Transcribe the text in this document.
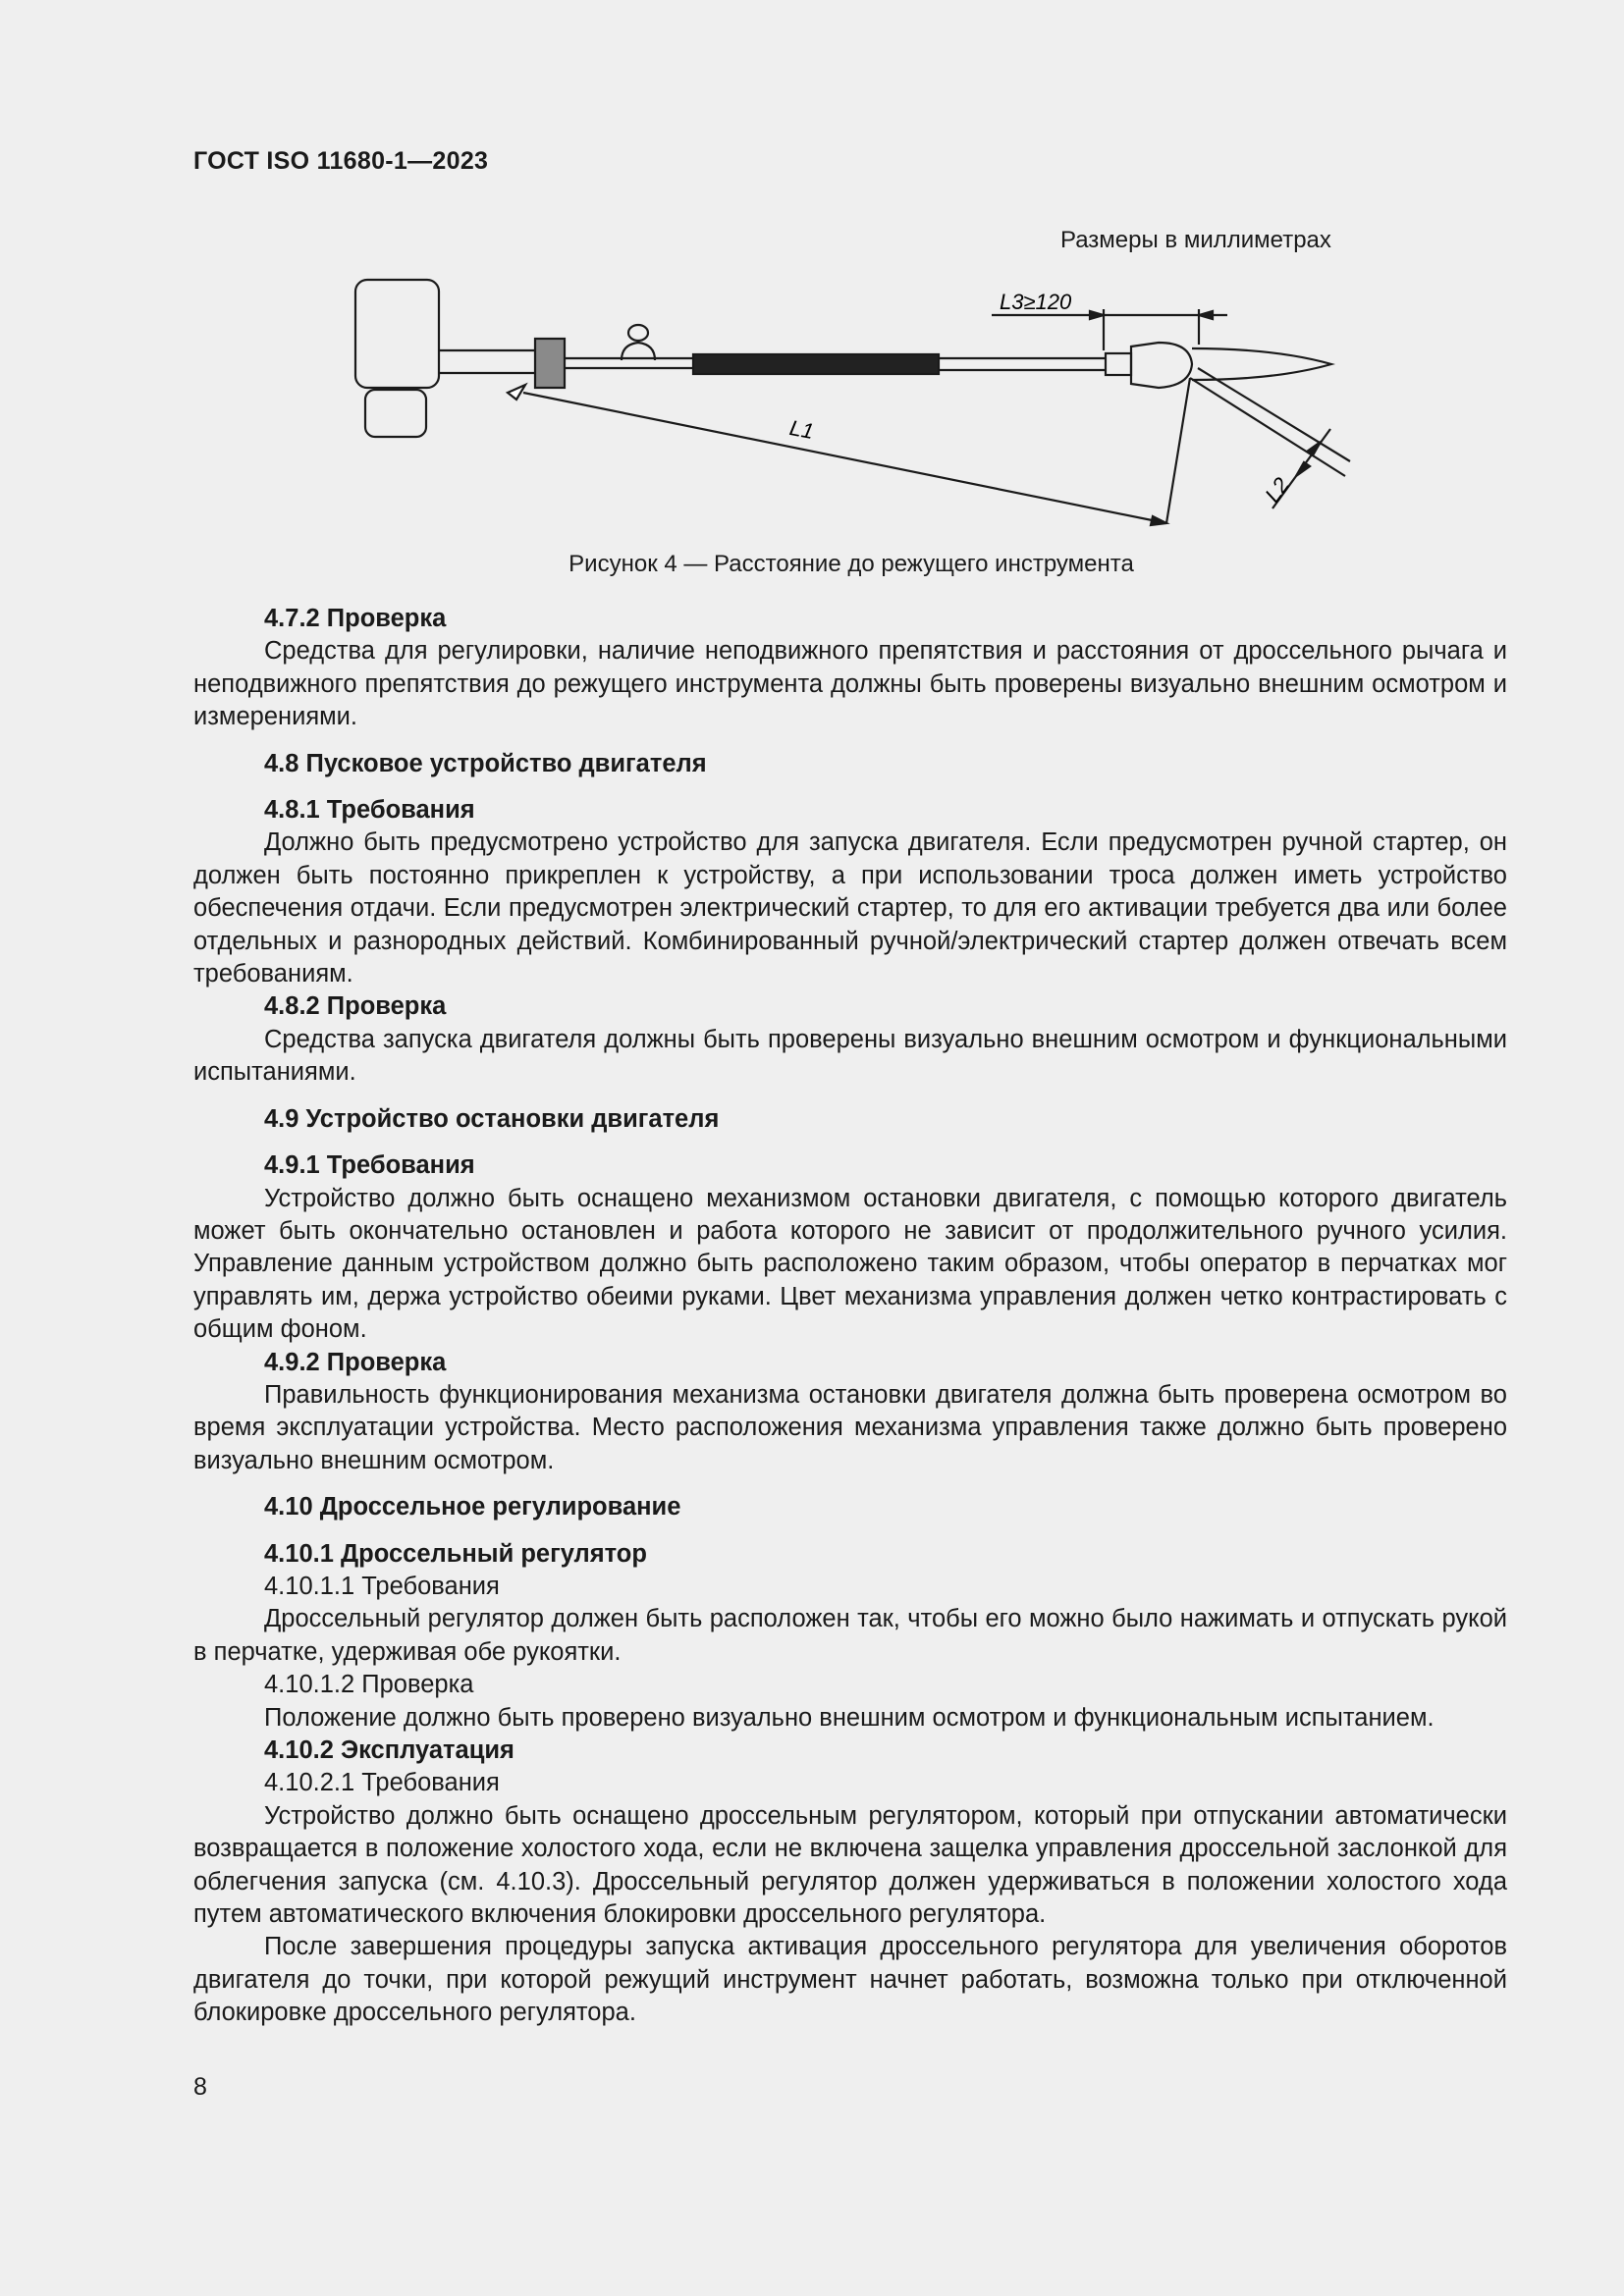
ГОСТ ISO 11680-1—2023
Размеры в миллиметрах
L3≥120
L1
L2
Рисунок 4 — Расстояние до режущего инструмента

4.7.2 Проверка

Средства для регулировки, наличие неподвижного препятствия и расстояния от дроссельного рычага и неподвижного препятствия до режущего инструмента должны быть проверены визуально внешним осмотром и измерениями.

4.8 Пусковое устройство двигателя

4.8.1 Требования

Должно быть предусмотрено устройство для запуска двигателя. Если предусмотрен ручной стартер, он должен быть постоянно прикреплен к устройству, а при использовании троса должен иметь устройство обеспечения отдачи. Если предусмотрен электрический стартер, то для его активации требуется два или более отдельных и разнородных действий. Комбинированный ручной/электрический стартер должен отвечать всем требованиям.

4.8.2 Проверка

Средства запуска двигателя должны быть проверены визуально внешним осмотром и функциональными испытаниями.

4.9 Устройство остановки двигателя

4.9.1 Требования

Устройство должно быть оснащено механизмом остановки двигателя, с помощью которого двигатель может быть окончательно остановлен и работа которого не зависит от продолжительного ручного усилия. Управление данным устройством должно быть расположено таким образом, чтобы оператор в перчатках мог управлять им, держа устройство обеими руками. Цвет механизма управления должен четко контрастировать с общим фоном.

4.9.2 Проверка

Правильность функционирования механизма остановки двигателя должна быть проверена осмотром во время эксплуатации устройства. Место расположения механизма управления также должно быть проверено визуально внешним осмотром.

4.10 Дроссельное регулирование

4.10.1 Дроссельный регулятор

4.10.1.1 Требования

Дроссельный регулятор должен быть расположен так, чтобы его можно было нажимать и отпускать рукой в перчатке, удерживая обе рукоятки.

4.10.1.2 Проверка

Положение должно быть проверено визуально внешним осмотром и функциональным испытанием.

4.10.2 Эксплуатация

4.10.2.1 Требования

Устройство должно быть оснащено дроссельным регулятором, который при отпускании автоматически возвращается в положение холостого хода, если не включена защелка управления дроссельной заслонкой для облегчения запуска (см. 4.10.3). Дроссельный регулятор должен удерживаться в положении холостого хода путем автоматического включения блокировки дроссельного регулятора.

После завершения процедуры запуска активация дроссельного регулятора для увеличения оборотов двигателя до точки, при которой режущий инструмент начнет работать, возможна только при отключенной блокировке дроссельного регулятора.

8
